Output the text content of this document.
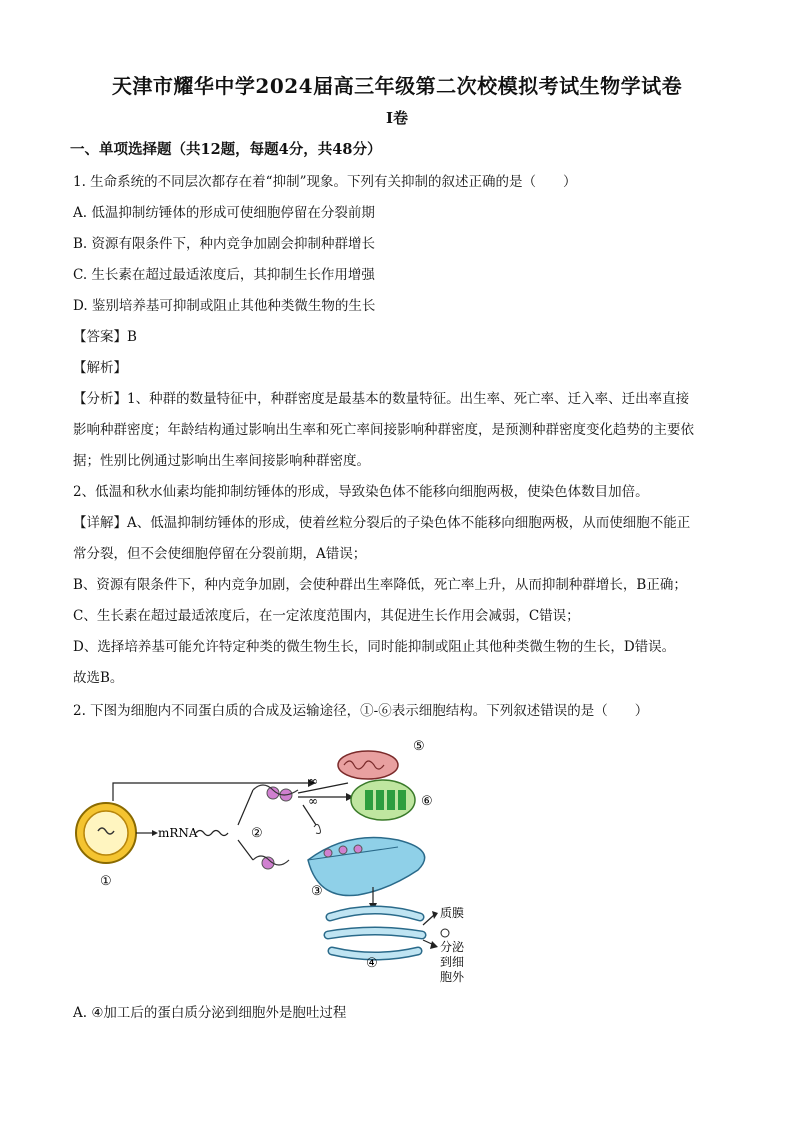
天津市耀华中学2024届高三年级第二次校模拟考试生物学试卷
I卷
一、单项选择题（共12题，每题4分，共48分）
1. 生命系统的不同层次都存在着“抑制”现象。下列有关抑制的叙述正确的是（　　）
A. 低温抑制纺锤体的形成可使细胞停留在分裂前期
B. 资源有限条件下，种内竞争加剧会抑制种群增长
C. 生长素在超过最适浓度后，其抑制生长作用增强
D. 鉴别培养基可抑制或阻止其他种类微生物的生长
【答案】B
【解析】
【分析】1、种群的数量特征中，种群密度是最基本的数量特征。出生率、死亡率、迁入率、迁出率直接
影响种群密度；年龄结构通过影响出生率和死亡率间接影响种群密度，是预测种群密度变化趋势的主要依
据；性别比例通过影响出生率间接影响种群密度。
2、低温和秋水仙素均能抑制纺锤体的形成，导致染色体不能移向细胞两极，使染色体数目加倍。
【详解】A、低温抑制纺锤体的形成，使着丝粒分裂后的子染色体不能移向细胞两极，从而使细胞不能正
常分裂，但不会使细胞停留在分裂前期，A错误；
B、资源有限条件下，种内竞争加剧，会使种群出生率降低，死亡率上升，从而抑制种群增长，B正确；
C、生长素在超过最适浓度后，在一定浓度范围内，其促进生长作用会减弱，C错误；
D、选择培养基可能允许特定种类的微生物生长，同时能抑制或阻止其他种类微生物的生长，D错误。
故选B。
2. 下图为细胞内不同蛋白质的合成及运输途径，①-⑥表示细胞结构。下列叙述错误的是（　　）
①
mRNA	②
∞
∞
⑤
⑥
③
④
质膜
分泌
到细
胞外
A. ④加工后的蛋白质分泌到细胞外是胞吐过程
